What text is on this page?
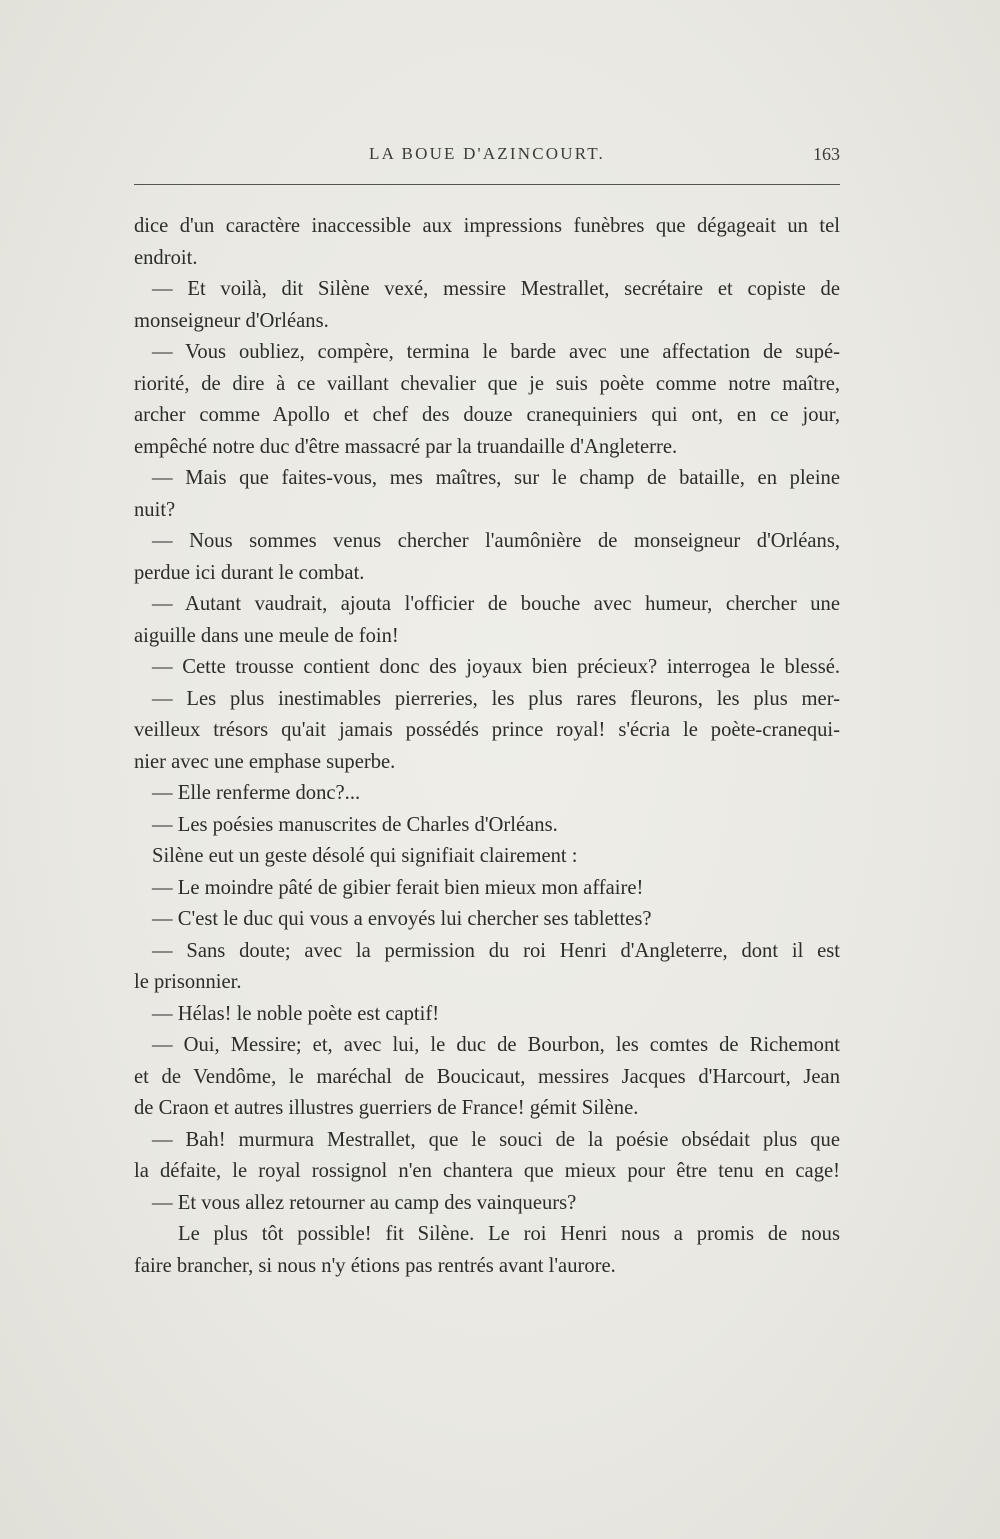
LA BOUE D'AZINCOURT.	163
dice d'un caractère inaccessible aux impressions funèbres que dégageait un tel
endroit.
— Et voilà, dit Silène vexé, messire Mestrallet, secrétaire et copiste de
monseigneur d'Orléans.
— Vous oubliez, compère, termina le barde avec une affectation de supé-
riorité, de dire à ce vaillant chevalier que je suis poète comme notre maître,
archer comme Apollo et chef des douze cranequiniers qui ont, en ce jour,
empêché notre duc d'être massacré par la truandaille d'Angleterre.
— Mais que faites-vous, mes maîtres, sur le champ de bataille, en pleine
nuit?
— Nous sommes venus chercher l'aumônière de monseigneur d'Orléans,
perdue ici durant le combat.
— Autant vaudrait, ajouta l'officier de bouche avec humeur, chercher une
aiguille dans une meule de foin!
— Cette trousse contient donc des joyaux bien précieux? interrogea le blessé.
— Les plus inestimables pierreries, les plus rares fleurons, les plus mer-
veilleux trésors qu'ait jamais possédés prince royal! s'écria le poète-cranequi-
nier avec une emphase superbe.
— Elle renferme donc?...
— Les poésies manuscrites de Charles d'Orléans.
Silène eut un geste désolé qui signifiait clairement :
— Le moindre pâté de gibier ferait bien mieux mon affaire!
— C'est le duc qui vous a envoyés lui chercher ses tablettes?
— Sans doute; avec la permission du roi Henri d'Angleterre, dont il est
le prisonnier.
— Hélas! le noble poète est captif!
— Oui, Messire; et, avec lui, le duc de Bourbon, les comtes de Richemont
et de Vendôme, le maréchal de Boucicaut, messires Jacques d'Harcourt, Jean
de Craon et autres illustres guerriers de France! gémit Silène.
— Bah! murmura Mestrallet, que le souci de la poésie obsédait plus que
la défaite, le royal rossignol n'en chantera que mieux pour être tenu en cage!
— Et vous allez retourner au camp des vainqueurs?
Le plus tôt possible! fit Silène. Le roi Henri nous a promis de nous
faire brancher, si nous n'y étions pas rentrés avant l'aurore.
